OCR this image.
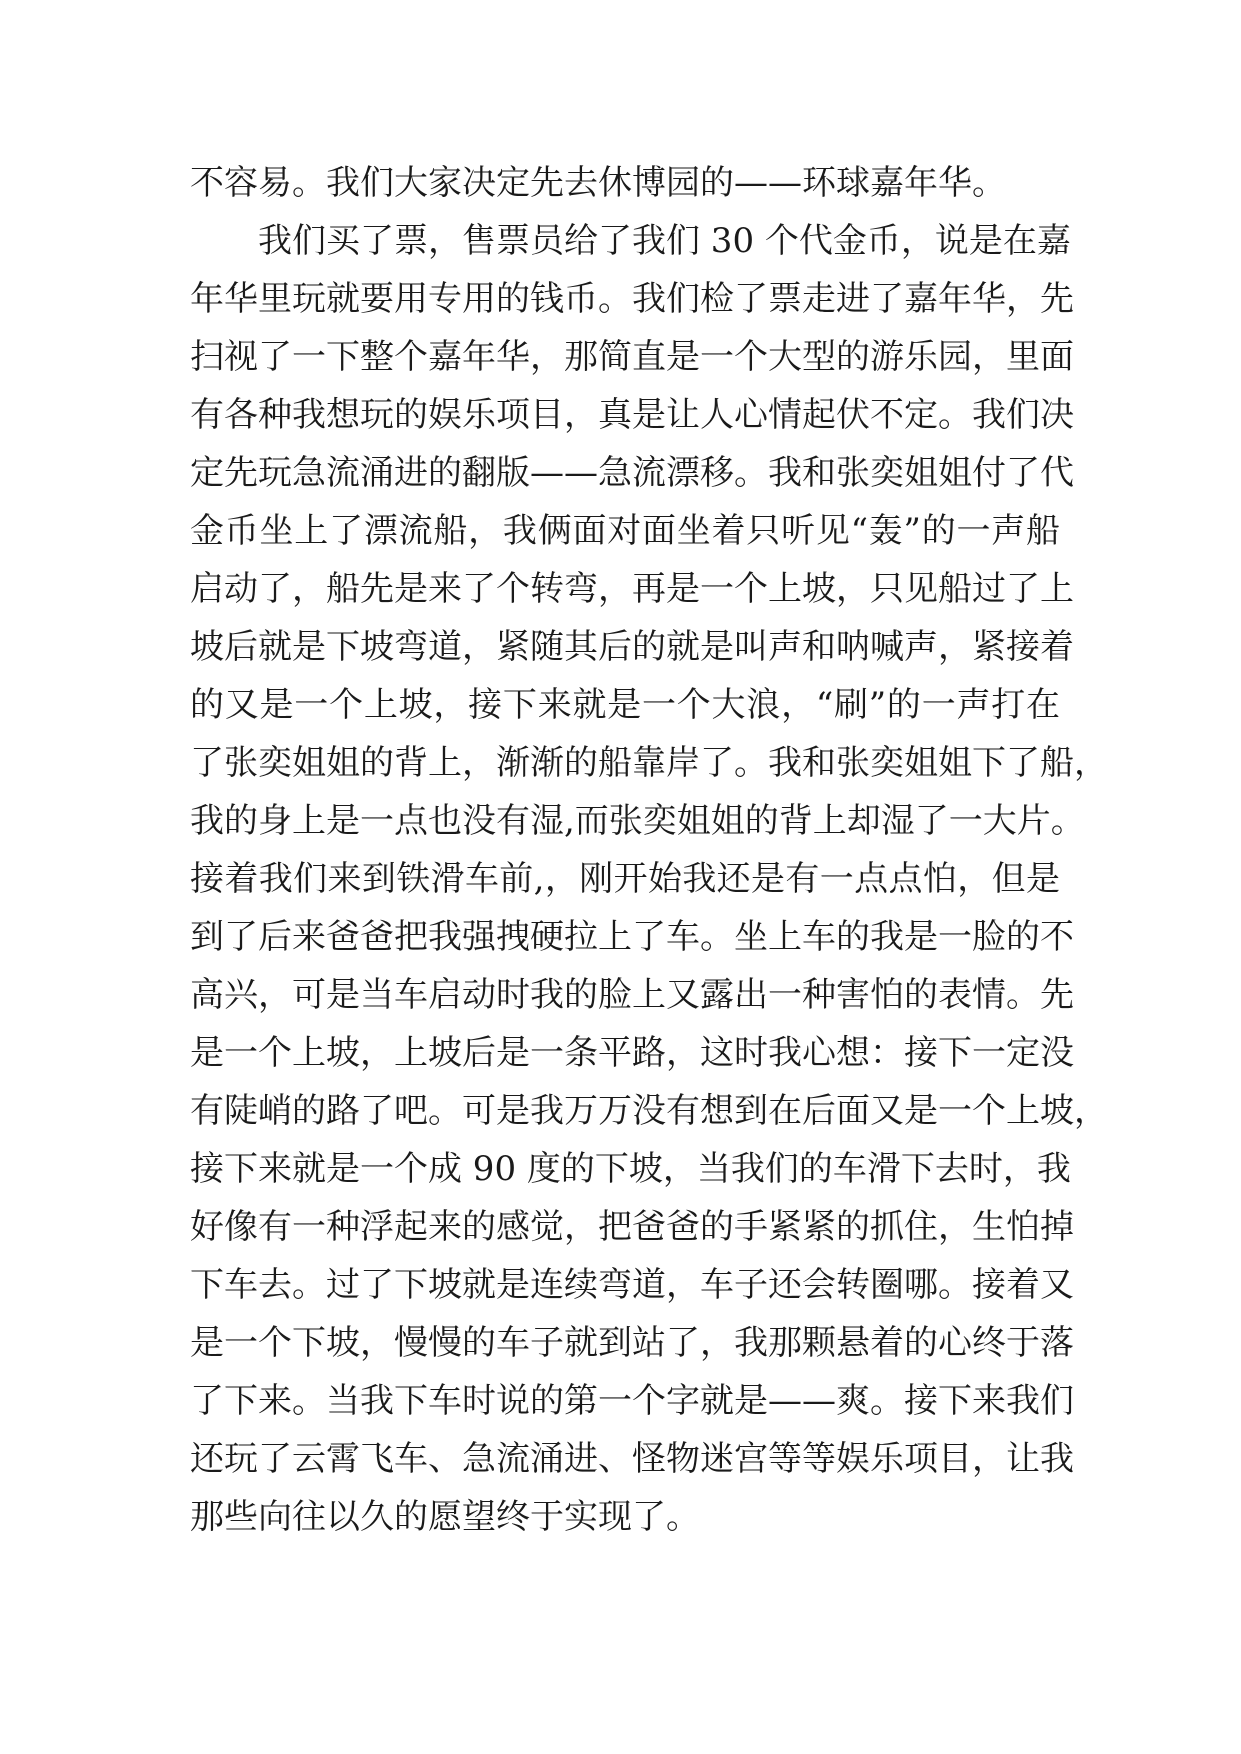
不容易。我们大家决定先去休博园的——环球嘉年华。
我们买了票，售票员给了我们 30 个代金币，说是在嘉
年华里玩就要用专用的钱币。我们检了票走进了嘉年华，先
扫视了一下整个嘉年华，那简直是一个大型的游乐园，里面
有各种我想玩的娱乐项目，真是让人心情起伏不定。我们决
定先玩急流涌进的翻版——急流漂移。我和张奕姐姐付了代
金币坐上了漂流船，我俩面对面坐着只听见“轰”的一声船
启动了，船先是来了个转弯，再是一个上坡，只见船过了上
坡后就是下坡弯道，紧随其后的就是叫声和呐喊声，紧接着
的又是一个上坡，接下来就是一个大浪，“刷”的一声打在
了张奕姐姐的背上，渐渐的船靠岸了。我和张奕姐姐下了船，
我的身上是一点也没有湿,而张奕姐姐的背上却湿了一大片。
接着我们来到铁滑车前,，刚开始我还是有一点点怕，但是
到了后来爸爸把我强拽硬拉上了车。坐上车的我是一脸的不
高兴，可是当车启动时我的脸上又露出一种害怕的表情。先
是一个上坡，上坡后是一条平路，这时我心想：接下一定没
有陡峭的路了吧。可是我万万没有想到在后面又是一个上坡，
接下来就是一个成 90 度的下坡，当我们的车滑下去时，我
好像有一种浮起来的感觉，把爸爸的手紧紧的抓住，生怕掉
下车去。过了下坡就是连续弯道，车子还会转圈哪。接着又
是一个下坡，慢慢的车子就到站了，我那颗悬着的心终于落
了下来。当我下车时说的第一个字就是——爽。接下来我们
还玩了云霄飞车、急流涌进、怪物迷宫等等娱乐项目，让我
那些向往以久的愿望终于实现了。
